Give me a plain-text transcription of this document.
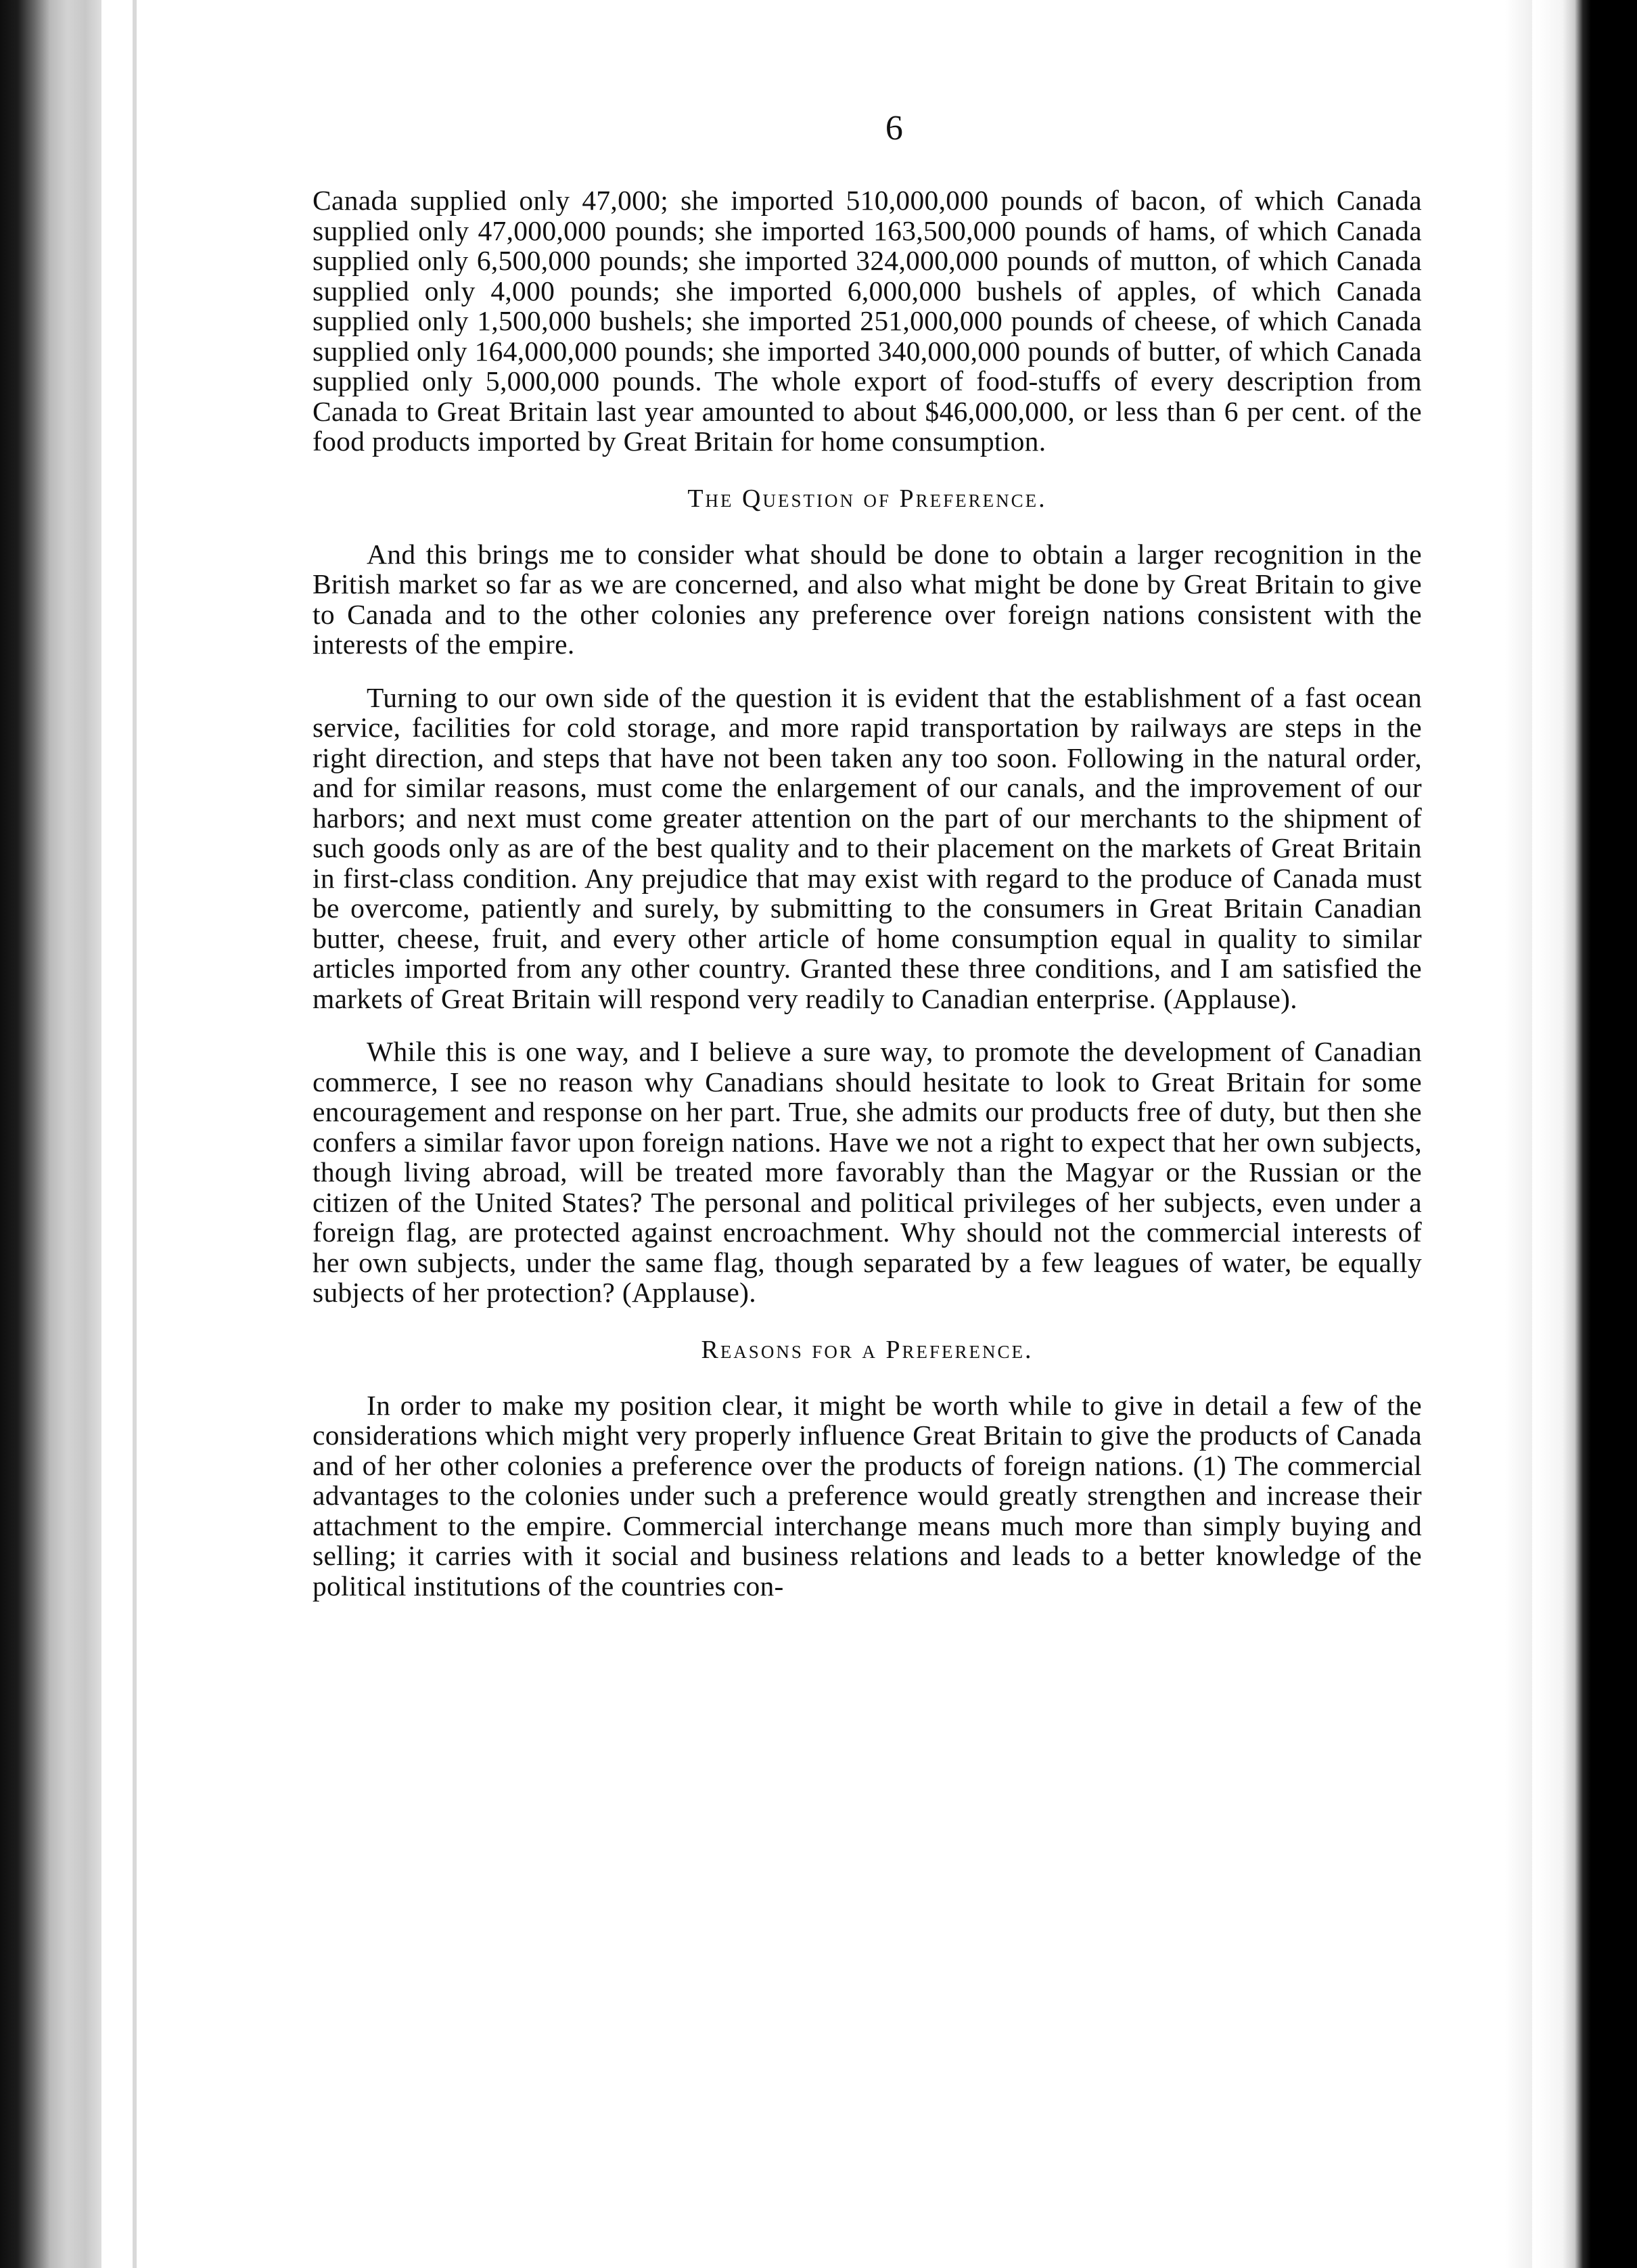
6

Canada supplied only 47,000; she imported 510,000,000 pounds of bacon, of which Canada supplied only 47,000,000 pounds; she imported 163,500,000 pounds of hams, of which Canada supplied only 6,500,000 pounds; she imported 324,000,000 pounds of mutton, of which Canada supplied only 4,000 pounds; she imported 6,000,000 bushels of apples, of which Canada supplied only 1,500,000 bushels; she imported 251,000,000 pounds of cheese, of which Canada supplied only 164,000,000 pounds; she imported 340,000,000 pounds of butter, of which Canada supplied only 5,000,000 pounds. The whole export of food-stuffs of every description from Canada to Great Britain last year amounted to about $46,000,000, or less than 6 per cent. of the food products imported by Great Britain for home consumption.

The Question of Preference.

And this brings me to consider what should be done to obtain a larger recognition in the British market so far as we are concerned, and also what might be done by Great Britain to give to Canada and to the other colonies any preference over foreign nations consistent with the interests of the empire.

Turning to our own side of the question it is evident that the establishment of a fast ocean service, facilities for cold storage, and more rapid transportation by railways are steps in the right direction, and steps that have not been taken any too soon. Following in the natural order, and for similar reasons, must come the enlargement of our canals, and the improvement of our harbors; and next must come greater attention on the part of our merchants to the shipment of such goods only as are of the best quality and to their placement on the markets of Great Britain in first-class condition. Any prejudice that may exist with regard to the produce of Canada must be overcome, patiently and surely, by submitting to the consumers in Great Britain Canadian butter, cheese, fruit, and every other article of home consumption equal in quality to similar articles imported from any other country. Granted these three conditions, and I am satisfied the markets of Great Britain will respond very readily to Canadian enterprise. (Applause).

While this is one way, and I believe a sure way, to promote the development of Canadian commerce, I see no reason why Canadians should hesitate to look to Great Britain for some encouragement and response on her part. True, she admits our products free of duty, but then she confers a similar favor upon foreign nations. Have we not a right to expect that her own subjects, though living abroad, will be treated more favorably than the Magyar or the Russian or the citizen of the United States? The personal and political privileges of her subjects, even under a foreign flag, are protected against encroachment. Why should not the commercial interests of her own subjects, under the same flag, though separated by a few leagues of water, be equally subjects of her protection? (Applause).

Reasons for a Preference.

In order to make my position clear, it might be worth while to give in detail a few of the considerations which might very properly influence Great Britain to give the products of Canada and of her other colonies a preference over the products of foreign nations. (1) The commercial advantages to the colonies under such a preference would greatly strengthen and increase their attachment to the empire. Commercial interchange means much more than simply buying and selling; it carries with it social and business relations and leads to a better knowledge of the political institutions of the countries con-
